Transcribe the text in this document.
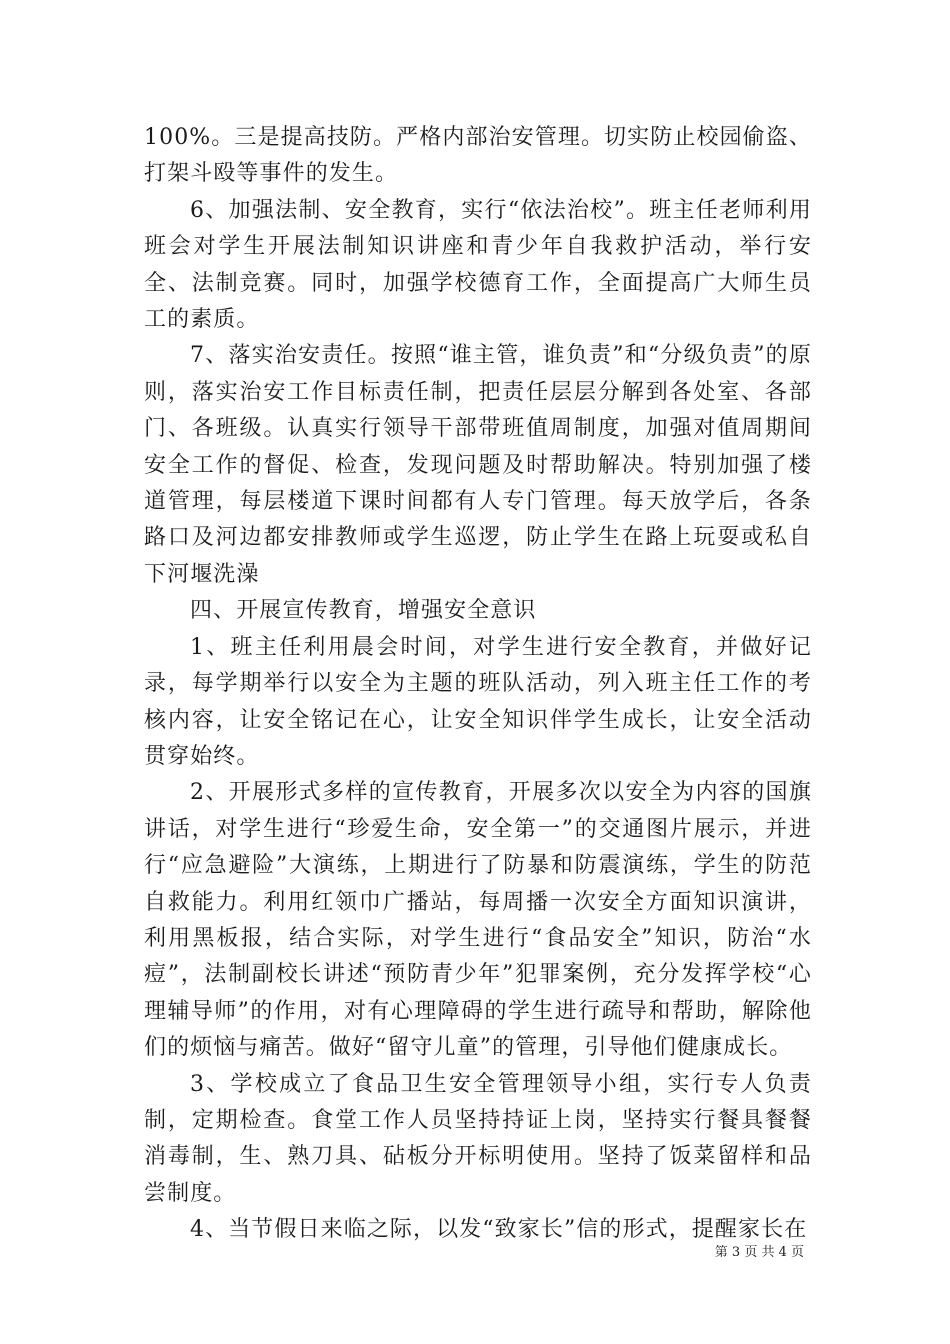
100%。三是提高技防。严格内部治安管理。切实防止校园偷盗、打架斗殴等事件的发生。

6、加强法制、安全教育，实行“依法治校”。班主任老师利用班会对学生开展法制知识讲座和青少年自我救护活动，举行安全、法制竞赛。同时，加强学校德育工作，全面提高广大师生员工的素质。

7、落实治安责任。按照“谁主管，谁负责”和“分级负责”的原则，落实治安工作目标责任制，把责任层层分解到各处室、各部门、各班级。认真实行领导干部带班值周制度，加强对值周期间安全工作的督促、检查，发现问题及时帮助解决。特别加强了楼道管理，每层楼道下课时间都有人专门管理。每天放学后，各条路口及河边都安排教师或学生巡逻，防止学生在路上玩耍或私自下河堰洗澡

四、开展宣传教育，增强安全意识

1、班主任利用晨会时间，对学生进行安全教育，并做好记录，每学期举行以安全为主题的班队活动，列入班主任工作的考核内容，让安全铭记在心，让安全知识伴学生成长，让安全活动贯穿始终。

2、开展形式多样的宣传教育，开展多次以安全为内容的国旗讲话，对学生进行“珍爱生命，安全第一”的交通图片展示，并进行“应急避险”大演练，上期进行了防暴和防震演练，学生的防范自救能力。利用红领巾广播站，每周播一次安全方面知识演讲，利用黑板报，结合实际，对学生进行“食品安全”知识，防治“水痘”，法制副校长讲述“预防青少年”犯罪案例，充分发挥学校“心理辅导师”的作用，对有心理障碍的学生进行疏导和帮助，解除他们的烦恼与痛苦。做好“留守儿童”的管理，引导他们健康成长。

3、学校成立了食品卫生安全管理领导小组，实行专人负责制，定期检查。食堂工作人员坚持持证上岗，坚持实行餐具餐餐消毒制，生、熟刀具、砧板分开标明使用。坚持了饭菜留样和品尝制度。

4、当节假日来临之际，以发“致家长”信的形式，提醒家长在

第 3 页 共 4 页
